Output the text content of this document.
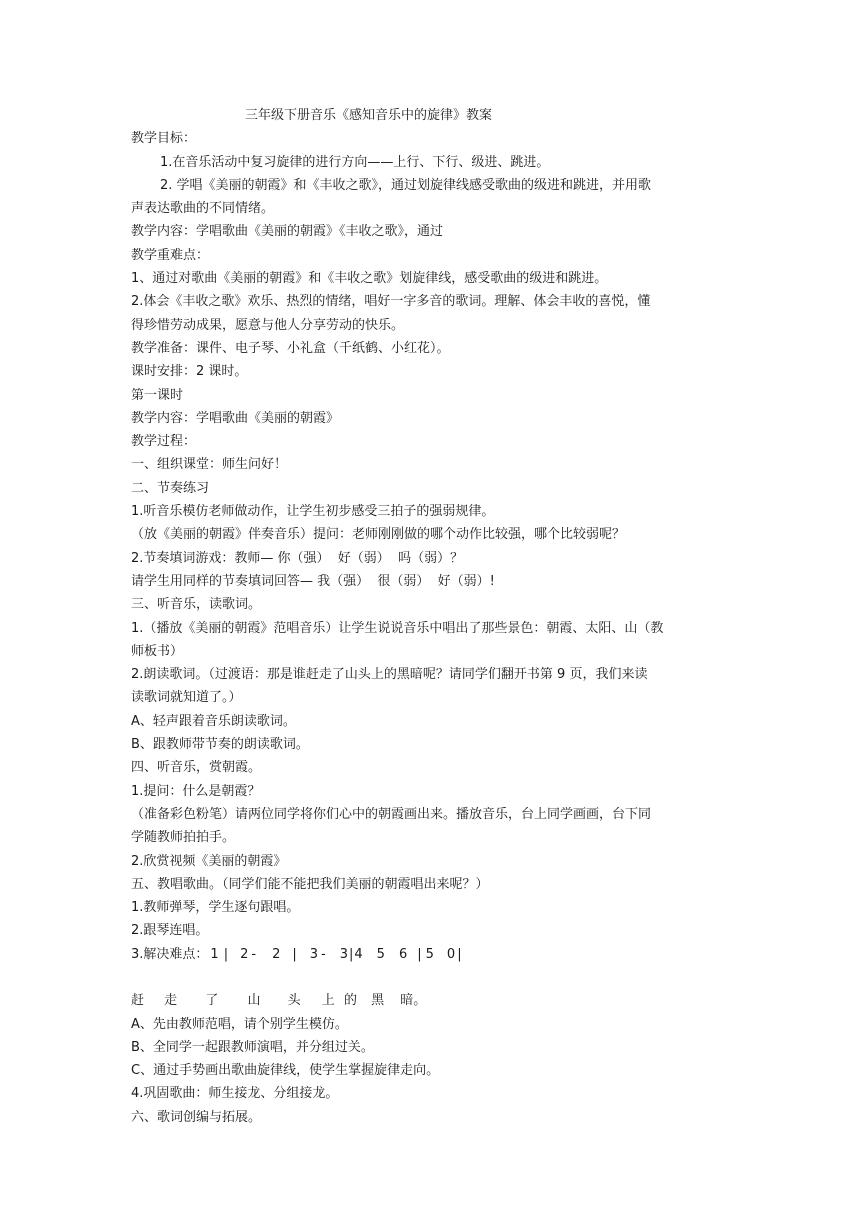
三年级下册音乐《感知音乐中的旋律》教案
教学目标：
1.在音乐活动中复习旋律的进行方向——上行、下行、级进、跳进。
2. 学唱《美丽的朝霞》和《丰收之歌》，通过划旋律线感受歌曲的级进和跳进，并用歌
声表达歌曲的不同情绪。
教学内容：学唱歌曲《美丽的朝霞》《丰收之歌》，通过
教学重难点：
1、通过对歌曲《美丽的朝霞》和《丰收之歌》划旋律线，感受歌曲的级进和跳进。
2.体会《丰收之歌》欢乐、热烈的情绪，唱好一字多音的歌词。理解、体会丰收的喜悦，懂
得珍惜劳动成果，愿意与他人分享劳动的快乐。
教学准备：课件、电子琴、小礼盒（千纸鹤、小红花）。
课时安排：2 课时。
第一课时
教学内容：学唱歌曲《美丽的朝霞》
教学过程：
一、组织课堂：师生问好！
二、节奏练习
1.听音乐模仿老师做动作，让学生初步感受三拍子的强弱规律。
（放《美丽的朝霞》伴奏音乐）提问：老师刚刚做的哪个动作比较强，哪个比较弱呢？
2.节奏填词游戏：教师— 你（强）  好（弱）  吗（弱）？
请学生用同样的节奏填词回答— 我（强）  很（弱）  好（弱）!
三、听音乐，读歌词。
1.（播放《美丽的朝霞》范唱音乐）让学生说说音乐中唱出了那些景色：朝霞、太阳、山（教
师板书）
2.朗读歌词。（过渡语：那是谁赶走了山头上的黑暗呢？请同学们翻开书第 9 页，我们来读
读歌词就知道了。）
A、轻声跟着音乐朗读歌词。
B、跟教师带节奏的朗读歌词。
四、听音乐，赏朝霞。
1.提问：什么是朝霞？
（准备彩色粉笔）请两位同学将你们心中的朝霞画出来。播放音乐，台上同学画画，台下同
学随教师拍拍手。
2.欣赏视频《美丽的朝霞》
五、教唱歌曲。（同学们能不能把我们美丽的朝霞唱出来呢？）
1.教师弹琴，学生逐句跟唱。
2.跟琴连唱。
3.解决难点： 1 | 2 - 2 | 3 - 3 | 4 5 6 | 5 0 |
赶 走 了 山 头 上 的 黑 暗。
A、先由教师范唱，请个别学生模仿。
B、全同学一起跟教师演唱，并分组过关。
C、通过手势画出歌曲旋律线，使学生掌握旋律走向。
4.巩固歌曲：师生接龙、分组接龙。
六、歌词创编与拓展。
